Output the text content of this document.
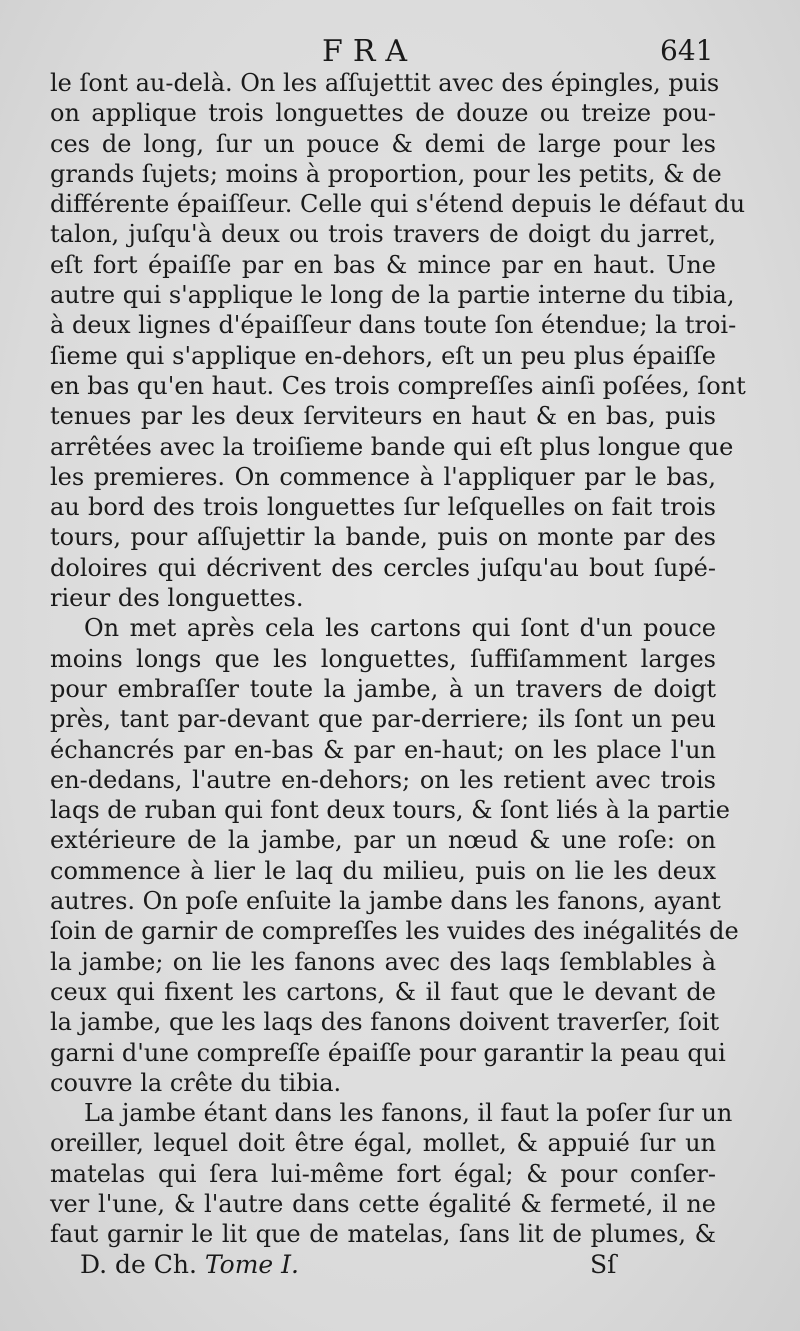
FRA	641
le ſont au-delà. On les aſſujettit avec des épingles, puis
on applique trois longuettes de douze ou treize pou-
ces de long, ſur un pouce & demi de large pour les
grands ſujets; moins à proportion, pour les petits, & de
différente épaiſſeur. Celle qui s'étend depuis le défaut du
talon, juſqu'à deux ou trois travers de doigt du jarret,
eſt fort épaiſſe par en bas & mince par en haut. Une
autre qui s'applique le long de la partie interne du tibia,
à deux lignes d'épaiſſeur dans toute ſon étendue; la troi-
ſieme qui s'applique en-dehors, eſt un peu plus épaiſſe
en bas qu'en haut. Ces trois compreſſes ainſi poſées, ſont
tenues par les deux ſerviteurs en haut & en bas, puis
arrêtées avec la troiſieme bande qui eſt plus longue que
les premieres. On commence à l'appliquer par le bas,
au bord des trois longuettes ſur leſquelles on fait trois
tours, pour aſſujettir la bande, puis on monte par des
doloires qui décrivent des cercles juſqu'au bout ſupé-
rieur des longuettes.
On met après cela les cartons qui ſont d'un pouce
moins longs que les longuettes, ſuffiſamment larges
pour embraſſer toute la jambe, à un travers de doigt
près, tant par-devant que par-derriere; ils ſont un peu
échancrés par en-bas & par en-haut; on les place l'un
en-dedans, l'autre en-dehors; on les retient avec trois
laqs de ruban qui font deux tours, & ſont liés à la partie
extérieure de la jambe, par un nœud & une roſe: on
commence à lier le laq du milieu, puis on lie les deux
autres. On poſe enſuite la jambe dans les fanons, ayant
ſoin de garnir de compreſſes les vuides des inégalités de
la jambe; on lie les fanons avec des laqs ſemblables à
ceux qui fixent les cartons, & il faut que le devant de
la jambe, que les laqs des fanons doivent traverſer, ſoit
garni d'une compreſſe épaiſſe pour garantir la peau qui
couvre la crête du tibia.
La jambe étant dans les fanons, il faut la poſer ſur un
oreiller, lequel doit être égal, mollet, & appuié ſur un
matelas qui ſera lui-même fort égal; & pour conſer-
ver l'une, & l'autre dans cette égalité & fermeté, il ne
faut garnir le lit que de matelas, ſans lit de plumes, &
D. de Ch. Tome I.	Sſ
